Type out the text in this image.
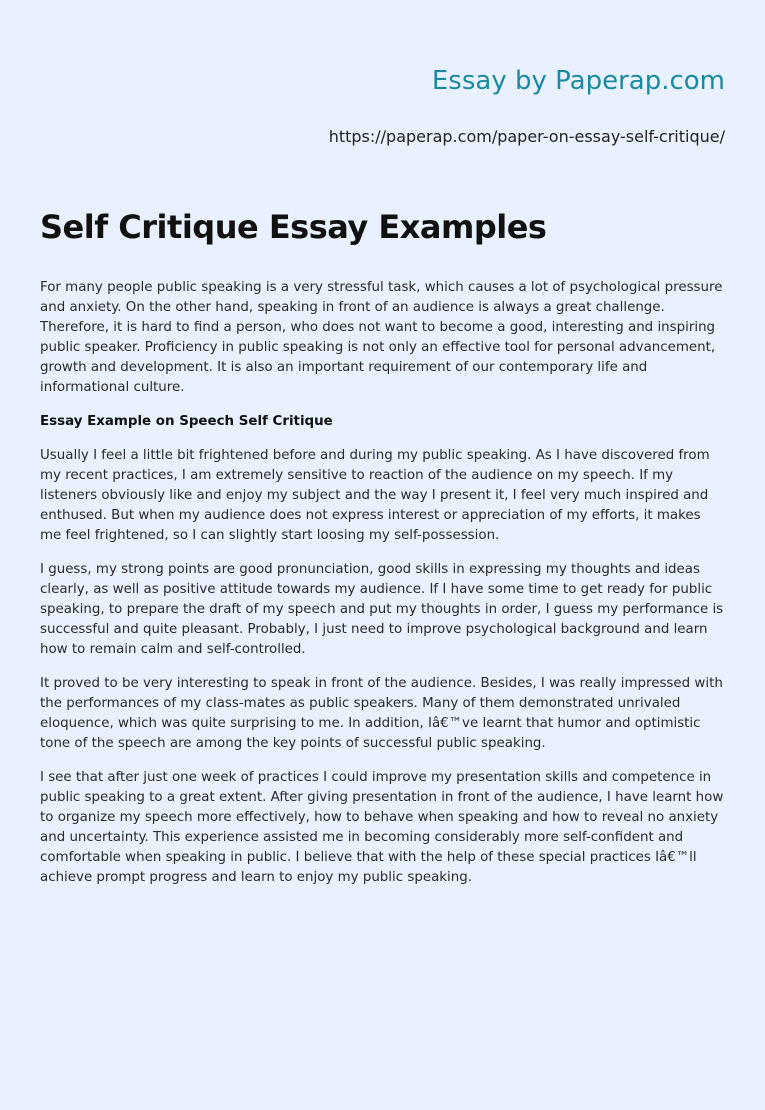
Essay by Paperap.com
https://paperap.com/paper-on-essay-self-critique/
Self Critique Essay Examples

For many people public speaking is a very stressful task, which causes a lot of psychological pressure and anxiety. On the other hand, speaking in front of an audience is always a great challenge. Therefore, it is hard to find a person, who does not want to become a good, interesting and inspiring public speaker. Proficiency in public speaking is not only an effective tool for personal advancement, growth and development. It is also an important requirement of our contemporary life and informational culture.

Essay Example on Speech Self Critique

Usually I feel a little bit frightened before and during my public speaking. As I have discovered from my recent practices, I am extremely sensitive to reaction of the audience on my speech. If my listeners obviously like and enjoy my subject and the way I present it, I feel very much inspired and enthused. But when my audience does not express interest or appreciation of my efforts, it makes me feel frightened, so I can slightly start loosing my self-possession.

I guess, my strong points are good pronunciation, good skills in expressing my thoughts and ideas clearly, as well as positive attitude towards my audience. If I have some time to get ready for public speaking, to prepare the draft of my speech and put my thoughts in order, I guess my performance is successful and quite pleasant. Probably, I just need to improve psychological background and learn how to remain calm and self-controlled.

It proved to be very interesting to speak in front of the audience. Besides, I was really impressed with the performances of my class-mates as public speakers. Many of them demonstrated unrivaled eloquence, which was quite surprising to me. In addition, Iâ€™ve learnt that humor and optimistic tone of the speech are among the key points of successful public speaking.

I see that after just one week of practices I could improve my presentation skills and competence in public speaking to a great extent. After giving presentation in front of the audience, I have learnt how to organize my speech more effectively, how to behave when speaking and how to reveal no anxiety and uncertainty. This experience assisted me in becoming considerably more self-confident and comfortable when speaking in public. I believe that with the help of these special practices Iâ€™ll achieve prompt progress and learn to enjoy my public speaking.
